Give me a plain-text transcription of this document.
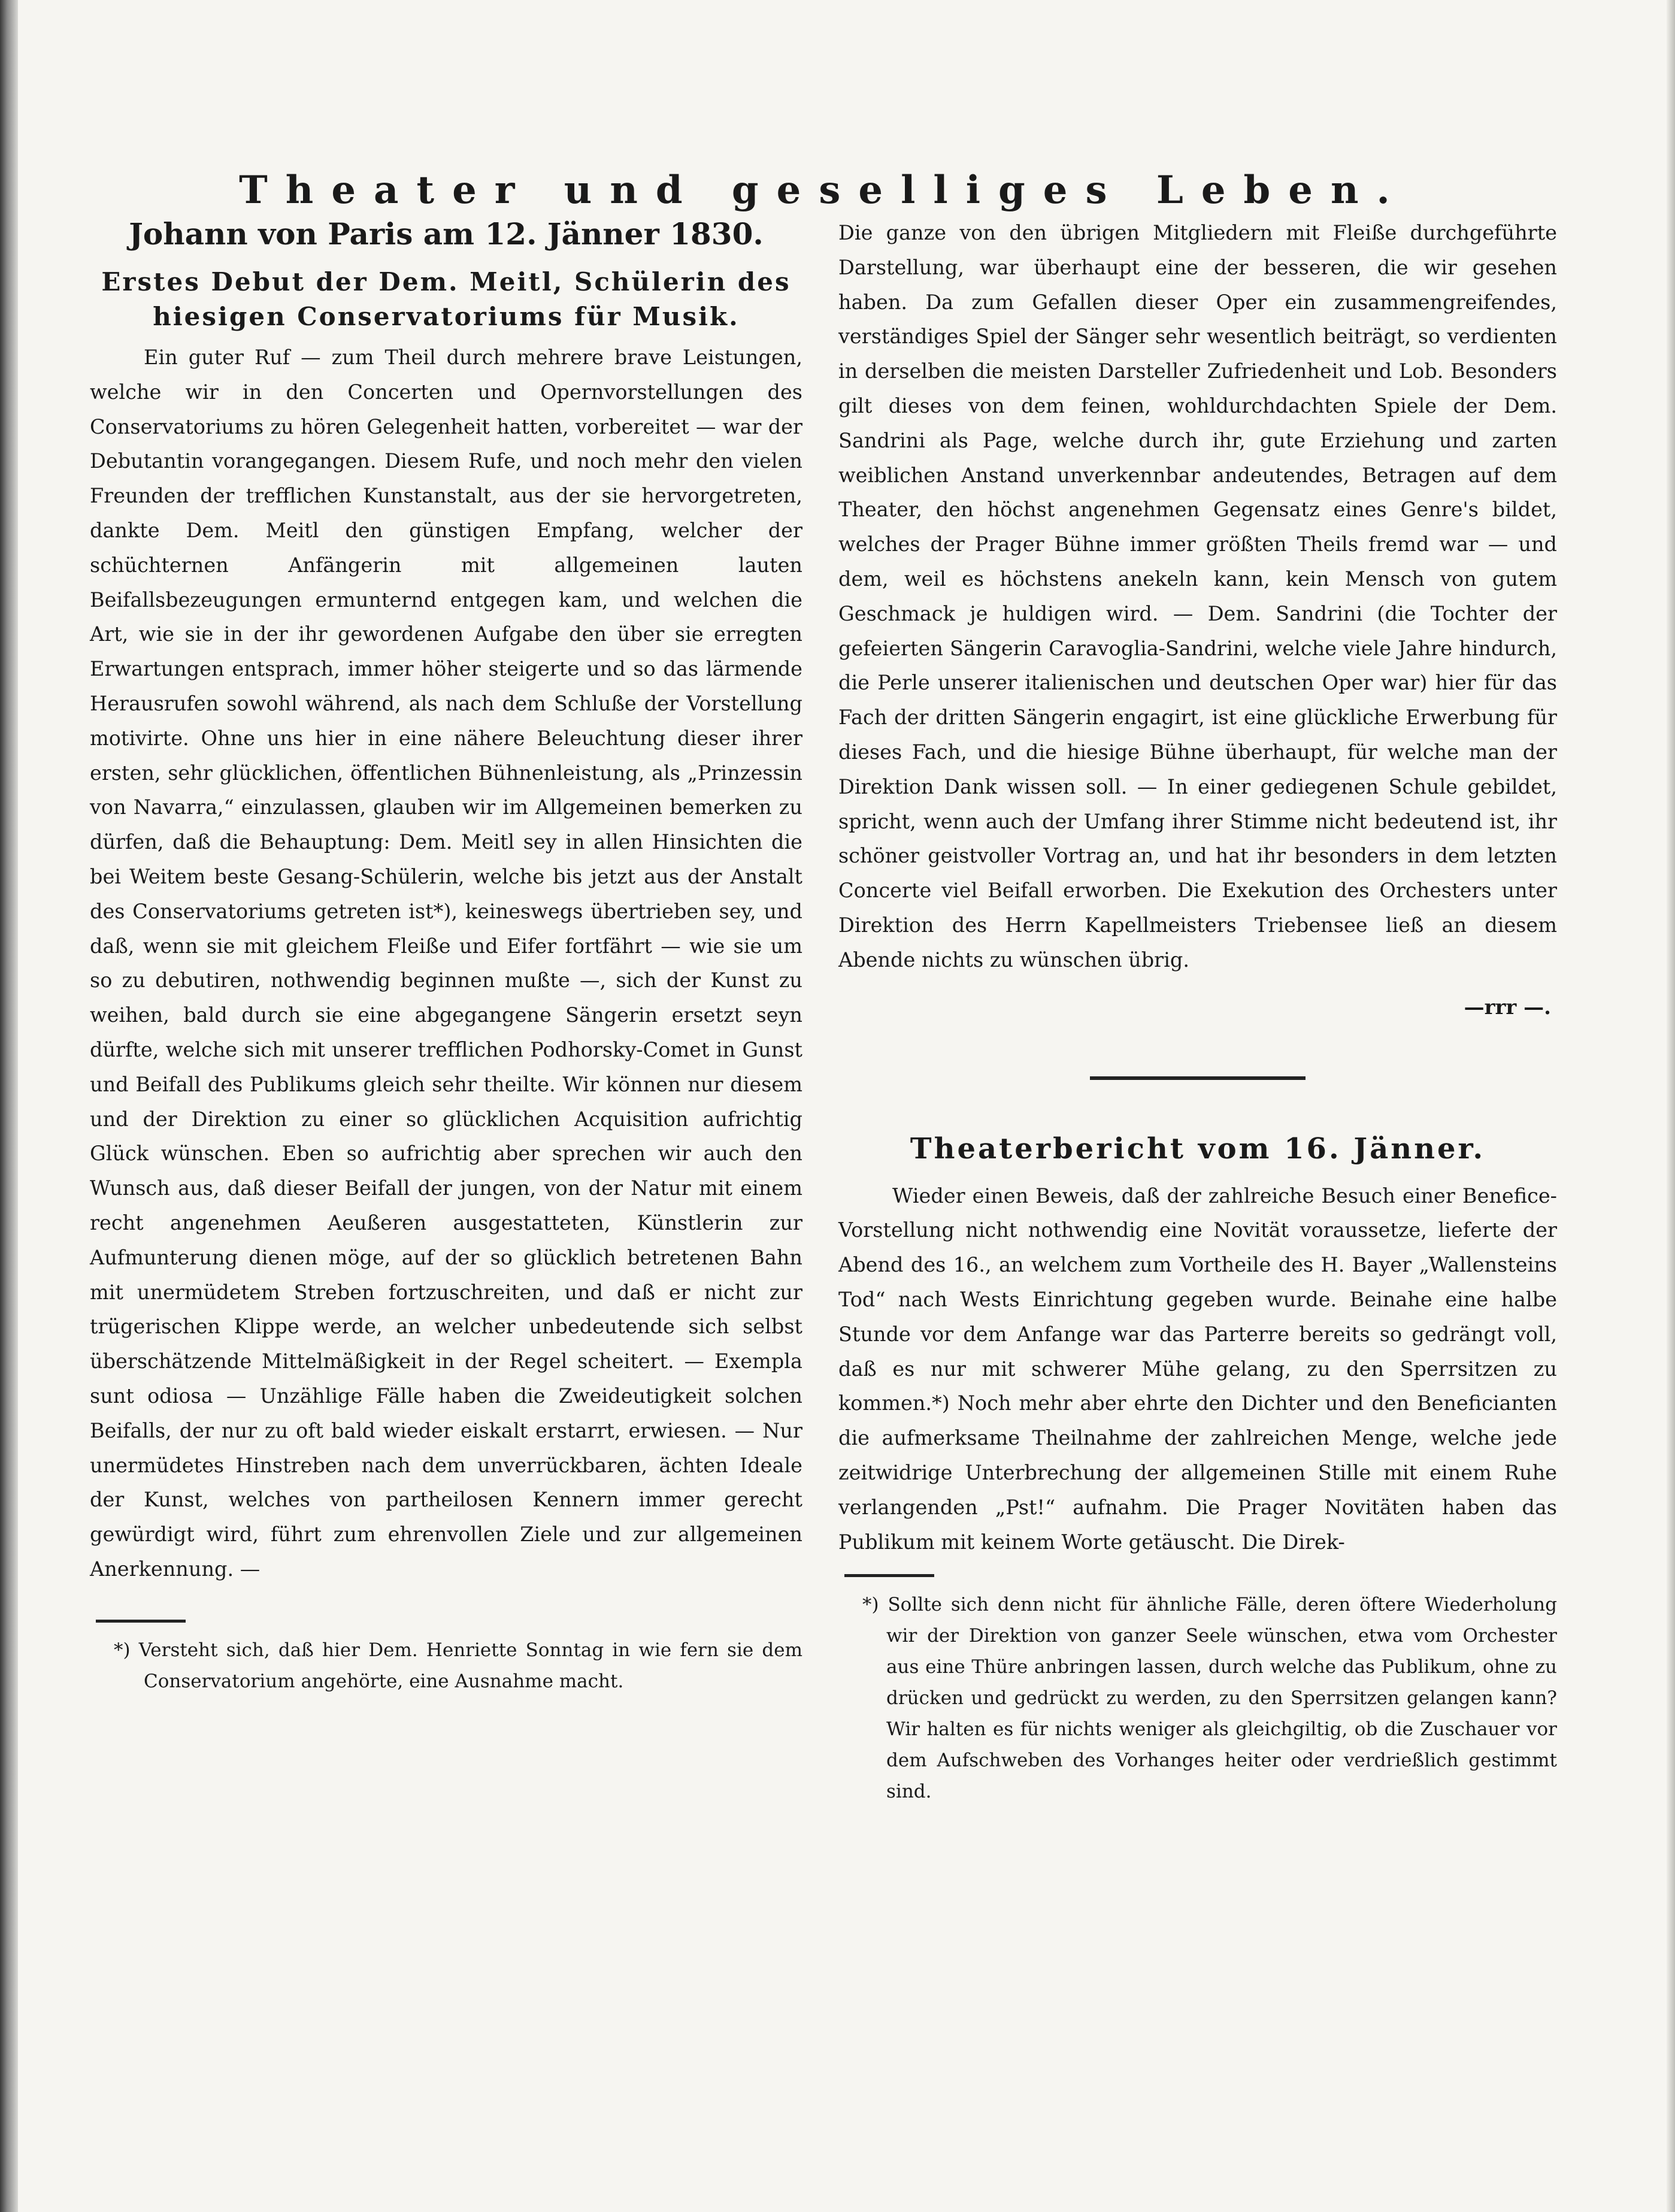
Theater und geselliges Leben.
Johann von Paris am 12. Jänner 1830.
Erstes Debut der Dem. Meitl, Schülerin des hiesigen Conservatoriums für Musik.

Ein guter Ruf — zum Theil durch mehrere brave Leistungen, welche wir in den Concerten und Opernvorstellungen des Conservatoriums zu hören Gelegenheit hatten, vorbereitet — war der Debutantin vorangegangen. Diesem Rufe, und noch mehr den vielen Freunden der trefflichen Kunstanstalt, aus der sie hervorgetreten, dankte Dem. Meitl den günstigen Empfang, welcher der schüchternen Anfängerin mit allgemeinen lauten Beifallsbezeugungen ermunternd entgegen kam, und welchen die Art, wie sie in der ihr gewordenen Aufgabe den über sie erregten Erwartungen entsprach, immer höher steigerte und so das lärmende Herausrufen sowohl während, als nach dem Schluße der Vorstellung motivirte. Ohne uns hier in eine nähere Beleuchtung dieser ihrer ersten, sehr glücklichen, öffentlichen Bühnenleistung, als „Prinzessin von Navarra,“ einzulassen, glauben wir im Allgemeinen bemerken zu dürfen, daß die Behauptung: Dem. Meitl sey in allen Hinsichten die bei Weitem beste Gesang-Schülerin, welche bis jetzt aus der Anstalt des Conservatoriums getreten ist*), keineswegs übertrieben sey, und daß, wenn sie mit gleichem Fleiße und Eifer fortfährt — wie sie um so zu debutiren, nothwendig beginnen mußte —, sich der Kunst zu weihen, bald durch sie eine abgegangene Sängerin ersetzt seyn dürfte, welche sich mit unserer trefflichen Podhorsky-Comet in Gunst und Beifall des Publikums gleich sehr theilte. Wir können nur diesem und der Direktion zu einer so glücklichen Acquisition aufrichtig Glück wünschen. Eben so aufrichtig aber sprechen wir auch den Wunsch aus, daß dieser Beifall der jungen, von der Natur mit einem recht angenehmen Aeußeren ausgestatteten, Künstlerin zur Aufmunterung dienen möge, auf der so glücklich betretenen Bahn mit unermüdetem Streben fortzuschreiten, und daß er nicht zur trügerischen Klippe werde, an welcher unbedeutende sich selbst überschätzende Mittelmäßigkeit in der Regel scheitert. — Exempla sunt odiosa — Unzählige Fälle haben die Zweideutigkeit solchen Beifalls, der nur zu oft bald wieder eiskalt erstarrt, erwiesen. — Nur unermüdetes Hinstreben nach dem unverrückbaren, ächten Ideale der Kunst, welches von partheilosen Kennern immer gerecht gewürdigt wird, führt zum ehrenvollen Ziele und zur allgemeinen Anerkennung. —

*) Versteht sich, daß hier Dem. Henriette Sonntag in wie fern sie dem Conservatorium angehörte, eine Ausnahme macht.

Die ganze von den übrigen Mitgliedern mit Fleiße durchgeführte Darstellung, war überhaupt eine der besseren, die wir gesehen haben. Da zum Gefallen dieser Oper ein zusammengreifendes, verständiges Spiel der Sänger sehr wesentlich beiträgt, so verdienten in derselben die meisten Darsteller Zufriedenheit und Lob. Besonders gilt dieses von dem feinen, wohldurchdachten Spiele der Dem. Sandrini als Page, welche durch ihr, gute Erziehung und zarten weiblichen Anstand unverkennbar andeutendes, Betragen auf dem Theater, den höchst angenehmen Gegensatz eines Genre's bildet, welches der Prager Bühne immer größten Theils fremd war — und dem, weil es höchstens anekeln kann, kein Mensch von gutem Geschmack je huldigen wird. — Dem. Sandrini (die Tochter der gefeierten Sängerin Caravoglia-Sandrini, welche viele Jahre hindurch, die Perle unserer italienischen und deutschen Oper war) hier für das Fach der dritten Sängerin engagirt, ist eine glückliche Erwerbung für dieses Fach, und die hiesige Bühne überhaupt, für welche man der Direktion Dank wissen soll. — In einer gediegenen Schule gebildet, spricht, wenn auch der Umfang ihrer Stimme nicht bedeutend ist, ihr schöner geistvoller Vortrag an, und hat ihr besonders in dem letzten Concerte viel Beifall erworben. Die Exekution des Orchesters unter Direktion des Herrn Kapellmeisters Triebensee ließ an diesem Abende nichts zu wünschen übrig.

—rrr —.
Theaterbericht vom 16. Jänner.

Wieder einen Beweis, daß der zahlreiche Besuch einer Benefice-Vorstellung nicht nothwendig eine Novität voraussetze, lieferte der Abend des 16., an welchem zum Vortheile des H. Bayer „Wallensteins Tod“ nach Wests Einrichtung gegeben wurde. Beinahe eine halbe Stunde vor dem Anfange war das Parterre bereits so gedrängt voll, daß es nur mit schwerer Mühe gelang, zu den Sperrsitzen zu kommen.*) Noch mehr aber ehrte den Dichter und den Beneficianten die aufmerksame Theilnahme der zahlreichen Menge, welche jede zeitwidrige Unterbrechung der allgemeinen Stille mit einem Ruhe verlangenden „Pst!“ aufnahm. Die Prager Novitäten haben das Publikum mit keinem Worte getäuscht. Die Direk-

*) Sollte sich denn nicht für ähnliche Fälle, deren öftere Wiederholung wir der Direktion von ganzer Seele wünschen, etwa vom Orchester aus eine Thüre anbringen lassen, durch welche das Publikum, ohne zu drücken und gedrückt zu werden, zu den Sperrsitzen gelangen kann? Wir halten es für nichts weniger als gleichgiltig, ob die Zuschauer vor dem Aufschweben des Vorhanges heiter oder verdrießlich gestimmt sind.
